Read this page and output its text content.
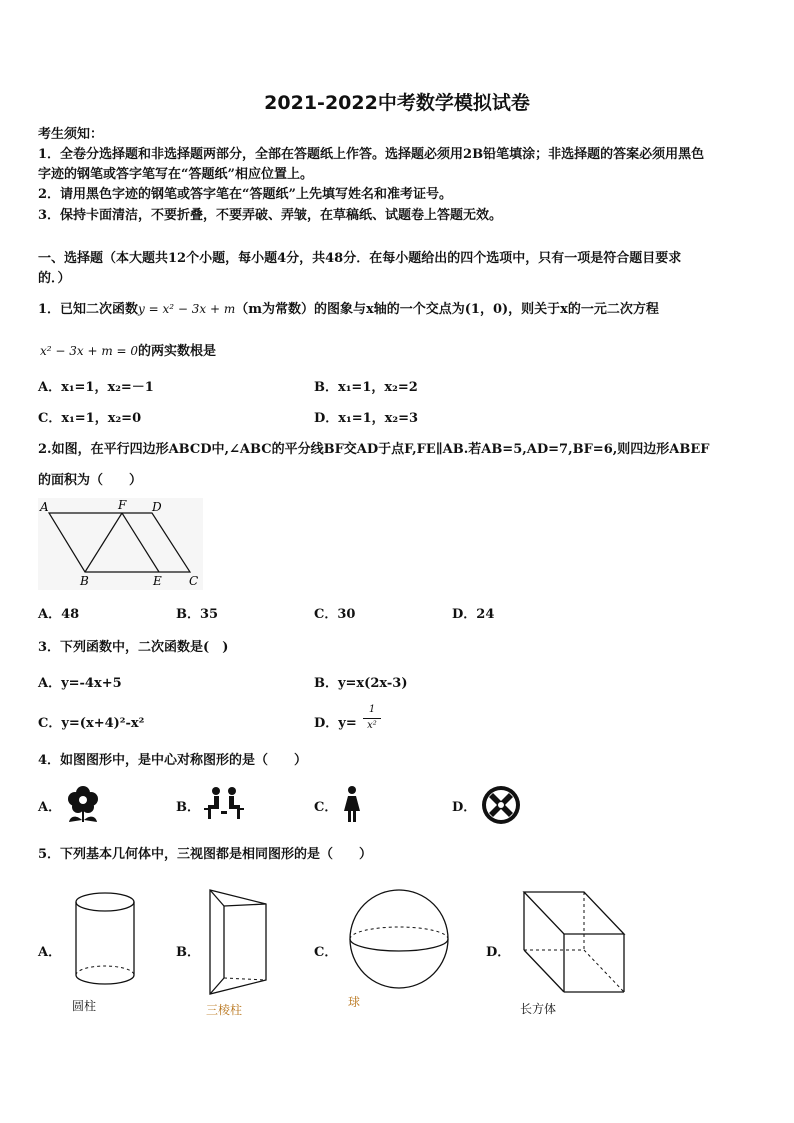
2021-2022中考数学模拟试卷
考生须知：
1．全卷分选择题和非选择题两部分，全部在答题纸上作答。选择题必须用2B铅笔填涂；非选择题的答案必须用黑色
字迹的钢笔或答字笔写在“答题纸”相应位置上。
2．请用黑色字迹的钢笔或答字笔在“答题纸”上先填写姓名和准考证号。
3．保持卡面清洁，不要折叠，不要弄破、弄皱，在草稿纸、试题卷上答题无效。
一、选择题（本大题共12个小题，每小题4分，共48分．在每小题给出的四个选项中，只有一项是符合题目要求
的．）
1．已知二次函数y = x² − 3x + m（m为常数）的图象与x轴的一个交点为(1，0)，则关于x的一元二次方程
x² − 3x + m = 0的两实数根是
A．x₁=1，x₂=－1	B．x₁=1，x₂=2
C．x₁=1，x₂=0	D．x₁=1，x₂=3
2.如图，在平行四边形ABCD中,∠ABC的平分线BF交AD于点F,FE∥AB.若AB=5,AD=7,BF=6,则四边形ABEF
的面积为（　　）
A	F D
B	E C
A．48	B．35	C．30	D．24
3．下列函数中，二次函数是(　)
A．y=-4x+5	B．y=x(2x-3)
C．y=(x+4)²-x²	D．y=
1
x²
4．如图图形中，是中心对称图形的是（　　）
A．	B．	C．	D．
5．下列基本几何体中，三视图都是相同图形的是（　　）
A．
圆柱
B．
三棱柱
C．
球
D．
长方体
